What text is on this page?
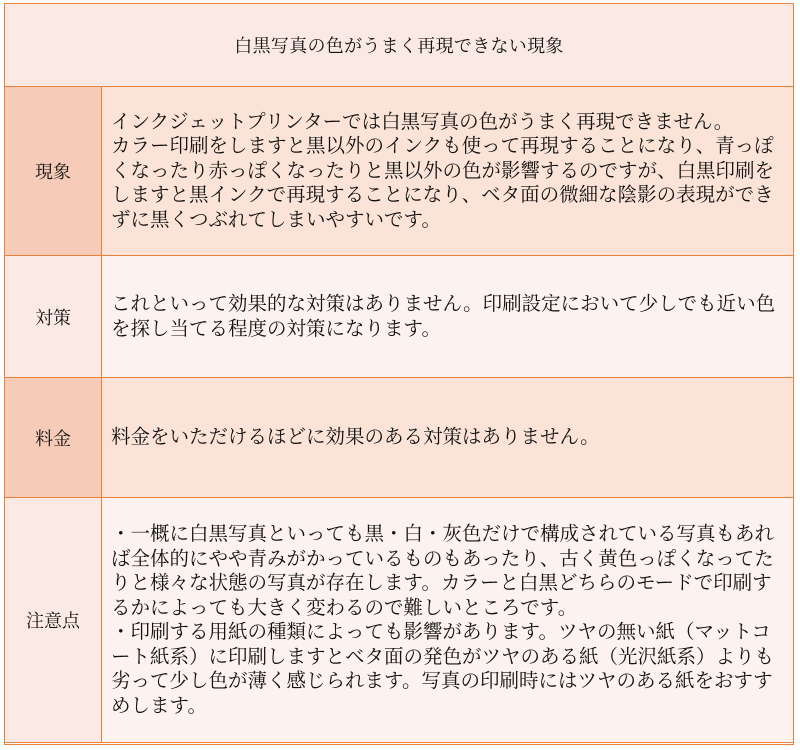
白黒写真の色がうまく再現できない現象
現象

インクジェットプリンターでは白黒写真の色がうまく再現できません。

カラー印刷をしますと黒以外のインクも使って再現することになり、青っぽくなったり赤っぽくなったりと黒以外の色が影響するのですが、白黒印刷をしますと黒インクで再現することになり、ベタ面の微細な陰影の表現ができずに黒くつぶれてしまいやすいです。

対策

これといって効果的な対策はありません。印刷設定において少しでも近い色を探し当てる程度の対策になります。

料金	料金をいただけるほどに効果のある対策はありません。

注意点

・一概に白黒写真といっても黒・白・灰色だけで構成されている写真もあれば全体的にやや青みがかっているものもあったり、古く黄色っぽくなってたりと様々な状態の写真が存在します。カラーと白黒どちらのモードで印刷するかによっても大きく変わるので難しいところです。

・印刷する用紙の種類によっても影響があります。ツヤの無い紙（マットコート紙系）に印刷しますとベタ面の発色がツヤのある紙（光沢紙系）よりも劣って少し色が薄く感じられます。写真の印刷時にはツヤのある紙をおすすめします。
